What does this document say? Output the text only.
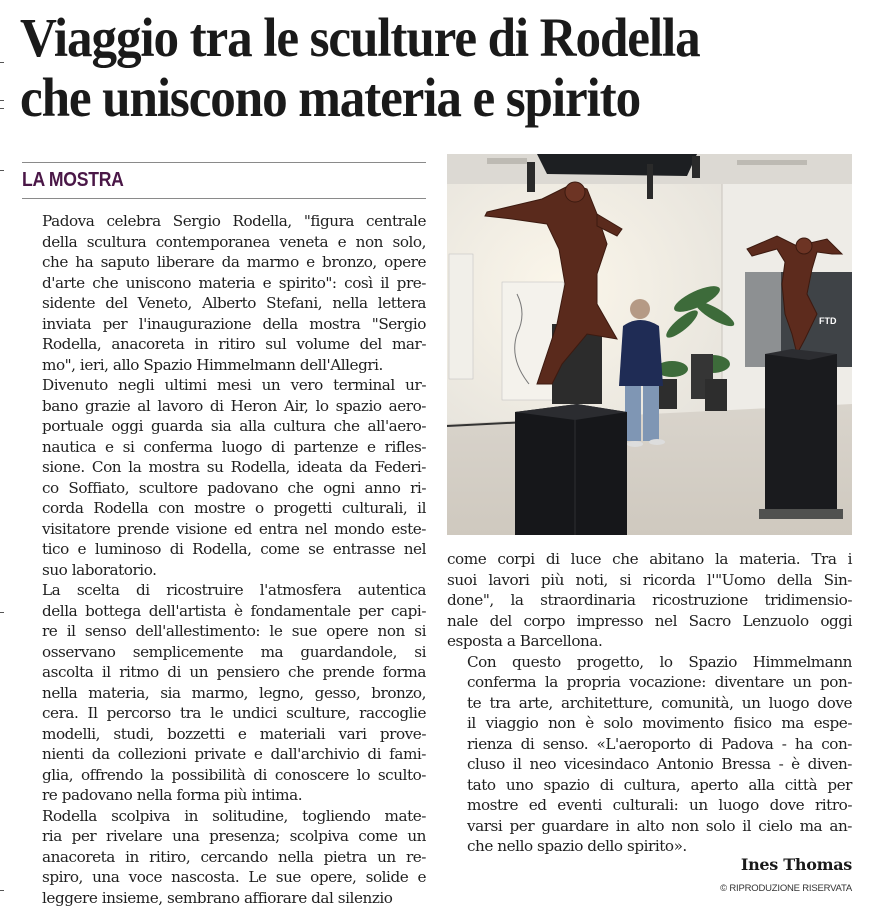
Viaggio tra le sculture di Rodella
che uniscono materia e spirito
LA MOSTRA

Padova celebra Sergio Rodella, "figura centrale
della scultura contemporanea veneta e non solo,
che ha saputo liberare da marmo e bronzo, opere
d'arte che uniscono materia e spirito": così il pre-
sidente del Veneto, Alberto Stefani, nella lettera
inviata per l'inaugurazione della mostra "Sergio
Rodella, anacoreta in ritiro sul volume del mar-
mo", ieri, allo Spazio Himmelmann dell'Allegri.

Divenuto negli ultimi mesi un vero terminal ur-
bano grazie al lavoro di Heron Air, lo spazio aero-
portuale oggi guarda sia alla cultura che all'aero-
nautica e si conferma luogo di partenze e rifles-
sione. Con la mostra su Rodella, ideata da Federi-
co Soffiato, scultore padovano che ogni anno ri-
corda Rodella con mostre o progetti culturali, il
visitatore prende visione ed entra nel mondo este-
tico e luminoso di Rodella, come se entrasse nel
suo laboratorio.

La scelta di ricostruire l'atmosfera autentica
della bottega dell'artista è fondamentale per capi-
re il senso dell'allestimento: le sue opere non si
osservano semplicemente ma guardandole, si
ascolta il ritmo di un pensiero che prende forma
nella materia, sia marmo, legno, gesso, bronzo,
cera. Il percorso tra le undici sculture, raccoglie
modelli, studi, bozzetti e materiali vari prove-
nienti da collezioni private e dall'archivio di fami-
glia, offrendo la possibilità di conoscere lo sculto-
re padovano nella forma più intima.

Rodella scolpiva in solitudine, togliendo mate-
ria per rivelare una presenza; scolpiva come un
anacoreta in ritiro, cercando nella pietra un re-
spiro, una voce nascosta. Le sue opere, solide e
leggere insieme, sembrano affiorare dal silenzio

FTD

come corpi di luce che abitano la materia. Tra i
suoi lavori più noti, si ricorda l'"Uomo della Sin-
done", la straordinaria ricostruzione tridimensio-
nale del corpo impresso nel Sacro Lenzuolo oggi
esposta a Barcellona.

Con questo progetto, lo Spazio Himmelmann
conferma la propria vocazione: diventare un pon-
te tra arte, architetture, comunità, un luogo dove
il viaggio non è solo movimento fisico ma espe-
rienza di senso. «L'aeroporto di Padova - ha con-
cluso il neo vicesindaco Antonio Bressa - è diven-
tato uno spazio di cultura, aperto alla città per
mostre ed eventi culturali: un luogo dove ritro-
varsi per guardare in alto non solo il cielo ma an-
che nello spazio dello spirito».

Ines Thomas
© RIPRODUZIONE RISERVATA
